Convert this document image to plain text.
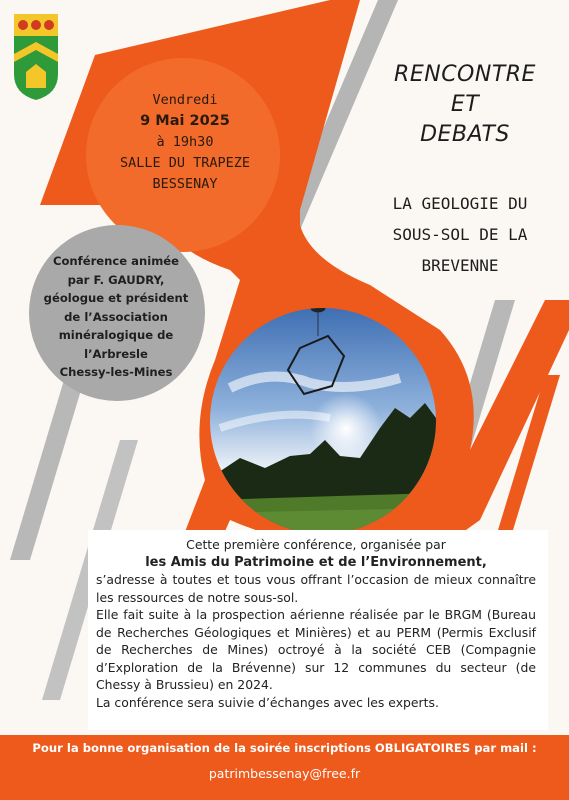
RENCONTRE
ET
DEBATS
LA GEOLOGIE DU
SOUS-SOL DE LA
BREVENNE
Vendredi
9 Mai 2025
à 19h30
SALLE DU TRAPEZE
BESSENAY
Conférence animée
par F. GAUDRY,
géologue et président
de l’Association
minéralogique de
l’Arbresle
Chessy-les-Mines
Cette première conférence, organisée par
les Amis du Patrimoine et de l’Environnement,
s’adresse à toutes et tous vous offrant l’occasion de mieux connaître les ressources de notre sous-sol.
Elle fait suite à la prospection aérienne réalisée par le BRGM (Bureau de Recherches Géologiques et Minières) et au PERM (Permis Exclusif de Recherches de Mines) octroyé à la société CEB (Compagnie d’Exploration de la Brévenne) sur 12 communes du secteur (de Chessy à Brussieu) en 2024.
La conférence sera suivie d’échanges avec les experts.
Pour la bonne organisation de la soirée inscriptions OBLIGATOIRES par mail :
patrimbessenay@free.fr
